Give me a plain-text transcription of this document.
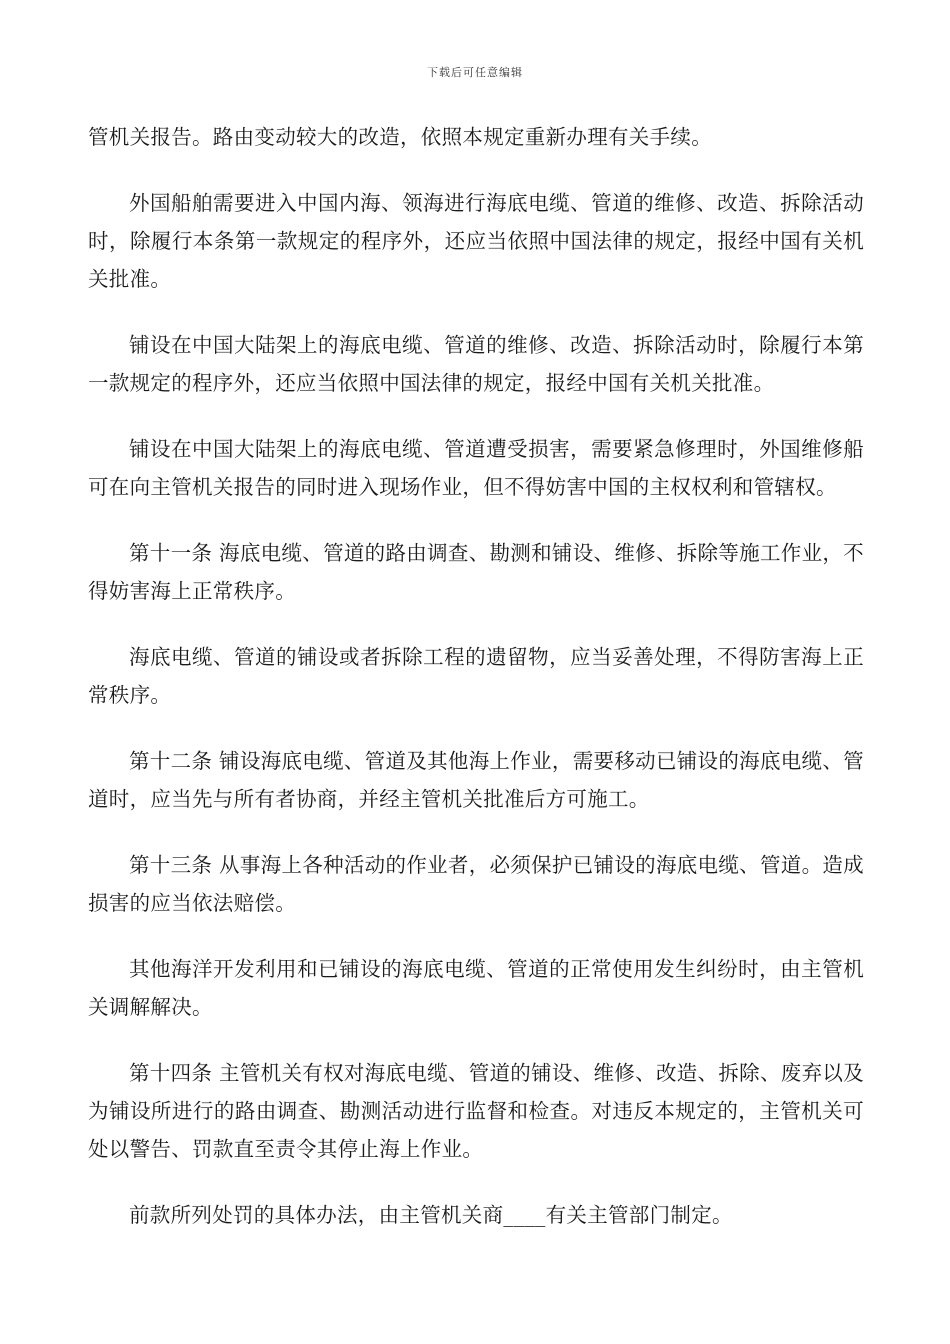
下载后可任意编辑

管机关报告。路由变动较大的改造，依照本规定重新办理有关手续。

外国船舶需要进入中国内海、领海进行海底电缆、管道的维修、改造、拆除活动时，除履行本条第一款规定的程序外，还应当依照中国法律的规定，报经中国有关机关批准。

铺设在中国大陆架上的海底电缆、管道的维修、改造、拆除活动时，除履行本第一款规定的程序外，还应当依照中国法律的规定，报经中国有关机关批准。

铺设在中国大陆架上的海底电缆、管道遭受损害，需要紧急修理时，外国维修船可在向主管机关报告的同时进入现场作业，但不得妨害中国的主权权利和管辖权。

第十一条 海底电缆、管道的路由调查、勘测和铺设、维修、拆除等施工作业，不得妨害海上正常秩序。

海底电缆、管道的铺设或者拆除工程的遗留物，应当妥善处理，不得防害海上正常秩序。

第十二条 铺设海底电缆、管道及其他海上作业，需要移动已铺设的海底电缆、管道时，应当先与所有者协商，并经主管机关批准后方可施工。

第十三条 从事海上各种活动的作业者，必须保护已铺设的海底电缆、管道。造成损害的应当依法赔偿。

其他海洋开发利用和已铺设的海底电缆、管道的正常使用发生纠纷时，由主管机关调解解决。

第十四条 主管机关有权对海底电缆、管道的铺设、维修、改造、拆除、废弃以及为铺设所进行的路由调查、勘测活动进行监督和检查。对违反本规定的，主管机关可处以警告、罚款直至责令其停止海上作业。

前款所列处罚的具体办法，由主管机关商____有关主管部门制定。
